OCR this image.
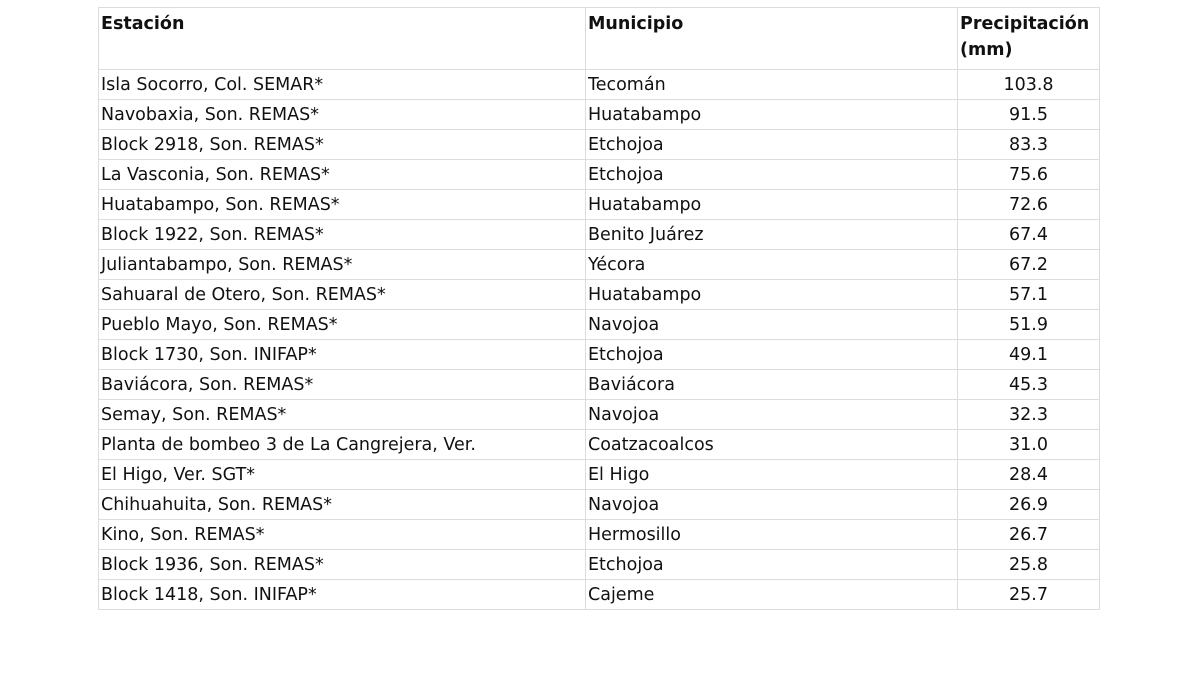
Estación	Municipio	Precipitación
(mm)
Isla Socorro, Col. SEMAR*	Tecomán	103.8
Navobaxia, Son. REMAS*	Huatabampo	91.5
Block 2918, Son. REMAS*	Etchojoa	83.3
La Vasconia, Son. REMAS*	Etchojoa	75.6
Huatabampo, Son. REMAS*	Huatabampo	72.6
Block 1922, Son. REMAS*	Benito Juárez	67.4
Juliantabampo, Son. REMAS*	Yécora	67.2
Sahuaral de Otero, Son. REMAS*	Huatabampo	57.1
Pueblo Mayo, Son. REMAS*	Navojoa	51.9
Block 1730, Son. INIFAP*	Etchojoa	49.1
Baviácora, Son. REMAS*	Baviácora	45.3
Semay, Son. REMAS*	Navojoa	32.3
Planta de bombeo 3 de La Cangrejera, Ver.	Coatzacoalcos	31.0
El Higo, Ver. SGT*	El Higo	28.4
Chihuahuita, Son. REMAS*	Navojoa	26.9
Kino, Son. REMAS*	Hermosillo	26.7
Block 1936, Son. REMAS*	Etchojoa	25.8
Block 1418, Son. INIFAP*	Cajeme	25.7
